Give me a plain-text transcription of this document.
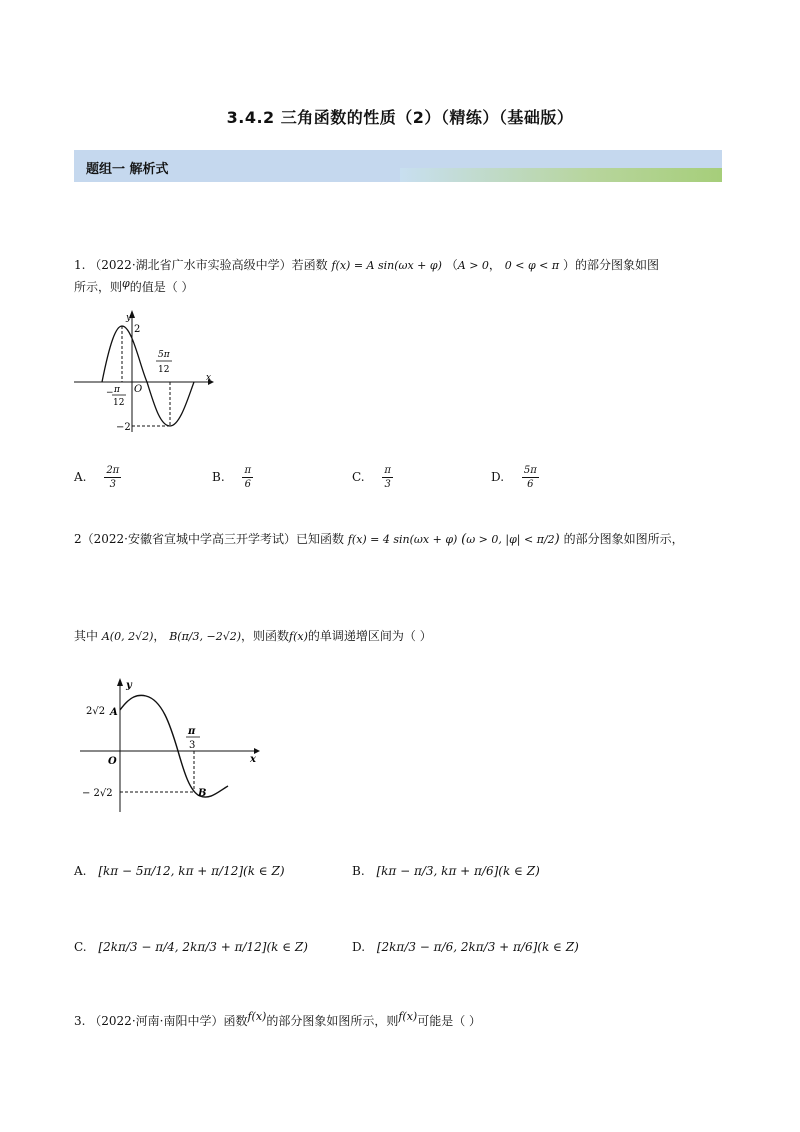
3.4.2 三角函数的性质（2）（精练）（基础版）
题组一 解析式
1. （2022·湖北省广水市实验高级中学）若函数 f(x) = A sin(ωx + φ) （A > 0， 0 < φ < π ）的部分图象如图
所示，则φ的值是（ ）
y
x
2
−2
O
− π
12
5π
12
A. $\frac{2\pi}{3}$	B. $\frac{\pi}{6}$	C. $\frac{\pi}{3}$	D. $\frac{5\pi}{6}$
2（2022·安徽省宣城中学高三开学考试）已知函数 f(x) = 4 sin(ωx + φ) (ω > 0, |φ| < π/2) 的部分图象如图所示，
其中 A(0, 2√2)， B(π/3, −2√2)，则函数f(x)的单调递增区间为（ ）
y
x
O
2√2 A
− 2√2	B
π
3
A. [kπ − 5π/12, kπ + π/12](k ∈ Z)	B. [kπ − π/3, kπ + π/6](k ∈ Z)
C. [2kπ/3 − π/4, 2kπ/3 + π/12](k ∈ Z)	D. [2kπ/3 − π/6, 2kπ/3 + π/6](k ∈ Z)
3. （2022·河南·南阳中学）函数f(x)的部分图象如图所示，则f(x)可能是（ ）
